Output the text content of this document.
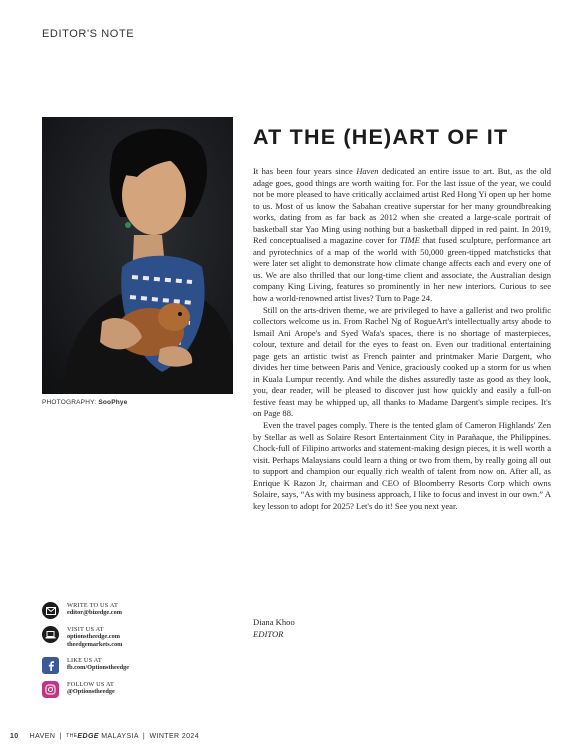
EDITOR'S NOTE
PHOTOGRAPHY: SooPhye
AT THE (HE)ART OF IT

It has been four years since Haven dedicated an entire issue to art. But, as the old adage goes, good things are worth waiting for. For the last issue of the year, we could not be more pleased to have critically acclaimed artist Red Hong Yi open up her home to us. Most of us know the Sabahan creative superstar for her many groundbreaking works, dating from as far back as 2012 when she created a large-scale portrait of basketball star Yao Ming using nothing but a basketball dipped in red paint. In 2019, Red conceptualised a magazine cover for TIME that fused sculpture, performance art and pyrotechnics of a map of the world with 50,000 green-tipped matchsticks that were later set alight to demonstrate how climate change affects each and every one of us. We are also thrilled that our long-time client and associate, the Australian design company King Living, features so prominently in her new interiors. Curious to see how a world-renowned artist lives? Turn to Page 24.

Still on the arts-driven theme, we are privileged to have a gallerist and two prolific collectors welcome us in. From Rachel Ng of RogueArt's intellectually artsy abode to Ismail Ani Arope's and Syed Wafa's spaces, there is no shortage of masterpieces, colour, texture and detail for the eyes to feast on. Even our traditional entertaining page gets an artistic twist as French painter and printmaker Marie Dargent, who divides her time between Paris and Venice, graciously cooked up a storm for us when in Kuala Lumpur recently. And while the dishes assuredly taste as good as they look, you, dear reader, will be pleased to discover just how quickly and easily a full-on festive feast may be whipped up, all thanks to Madame Dargent's simple recipes. It's on Page 88.

Even the travel pages comply. There is the tented glam of Cameron Highlands' Zen by Stellar as well as Solaire Resort Entertainment City in Parañaque, the Philippines. Chock-full of Filipino artworks and statement-making design pieces, it is well worth a visit. Perhaps Malaysians could learn a thing or two from them, by really going all out to support and champion our equally rich wealth of talent from now on. After all, as Enrique K Razon Jr, chairman and CEO of Bloomberry Resorts Corp which owns Solaire, says, “As with my business approach, I like to focus and invest in our own.” A key lesson to adopt for 2025? Let's do it! See you next year.

Diana Khoo
EDITOR
WRITE TO US AT
editor@bizedge.com
VISIT US AT
optionstheedge.com
theedgemarkets.com
LIKE US AT
fb.com/Optionstheedge
FOLLOW US AT
@Optionstheedge
10 HAVEN | THEEDGE MALAYSIA | WINTER 2024
